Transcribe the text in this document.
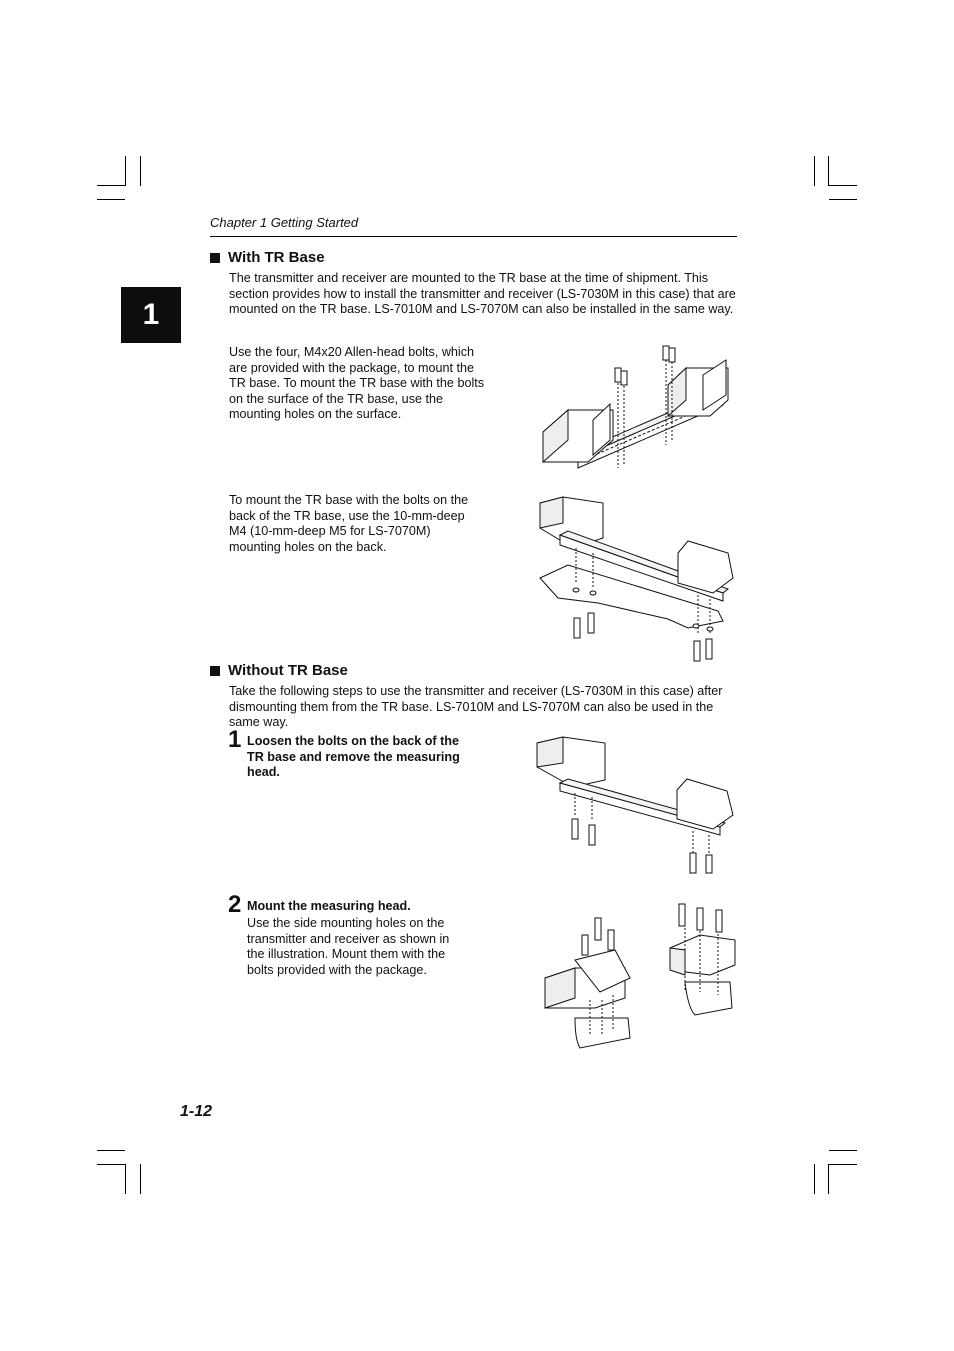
Chapter 1 Getting Started
1
With TR Base
The transmitter and receiver are mounted to the TR base at the time of shipment. This section provides how to install the transmitter and receiver (LS-7030M in this case) that are mounted on the TR base. LS-7010M and LS-7070M can also be installed in the same way.
Use the four, M4x20 Allen-head bolts, which are provided with the package, to mount the TR base. To mount the TR base with the bolts on the surface of the TR base, use the mounting holes on the surface.
To mount the TR base with the bolts on the back of the TR base, use the 10-mm-deep M4 (10-mm-deep M5 for LS-7070M) mounting holes on the back.
Without TR Base
Take the following steps to use the transmitter and receiver (LS-7030M in this case) after dismounting them from the TR base. LS-7010M and LS-7070M can also be used in the same way.
1 Loosen the bolts on the back of the TR base and remove the measuring head.
2 Mount the measuring head.
Use the side mounting holes on the transmitter and receiver as shown in the illustration. Mount them with the bolts provided with the package.
1-12
